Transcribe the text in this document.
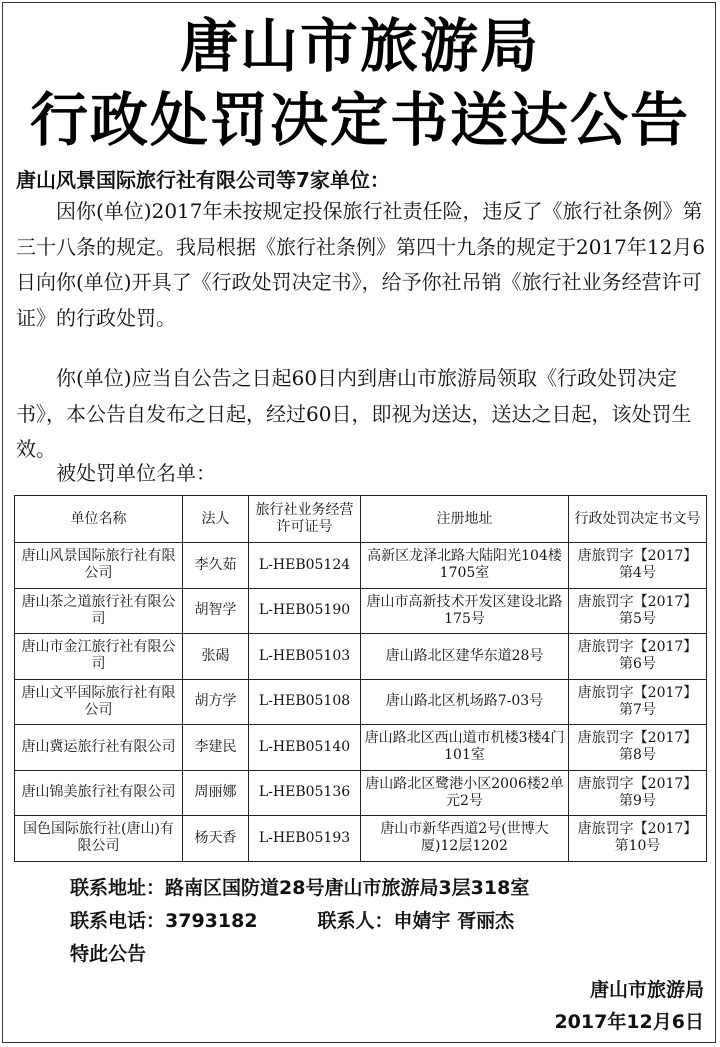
唐山市旅游局
行政处罚决定书送达公告
唐山风景国际旅行社有限公司等7家单位：

因你(单位)2017年未按规定投保旅行社责任险，违反了《旅行社条例》第三十八条的规定。我局根据《旅行社条例》第四十九条的规定于2017年12月6日向你(单位)开具了《行政处罚决定书》，给予你社吊销《旅行社业务经营许可证》的行政处罚。

你(单位)应当自公告之日起60日内到唐山市旅游局领取《行政处罚决定书》，本公告自发布之日起，经过60日，即视为送达，送达之日起，该处罚生效。

被处罚单位名单：
单位名称	法人	旅行社业务经营许可证号	注册地址	行政处罚决定书文号
唐山风景国际旅行社有限公司	李久茹	L-HEB05124	高新区龙泽北路大陆阳光104楼1705室	唐旅罚字【2017】第4号
唐山茶之道旅行社有限公司	胡智学	L-HEB05190	唐山市高新技术开发区建设北路175号	唐旅罚字【2017】第5号
唐山市金江旅行社有限公司	张碣	L-HEB05103	唐山路北区建华东道28号	唐旅罚字【2017】第6号
唐山文平国际旅行社有限公司	胡方学	L-HEB05108	唐山路北区机场路7-03号	唐旅罚字【2017】第7号
唐山冀运旅行社有限公司	李建民	L-HEB05140	唐山路北区西山道市机楼3楼4门101室	唐旅罚字【2017】第8号
唐山锦美旅行社有限公司	周丽娜	L-HEB05136	唐山路北区鹭港小区2006楼2单元2号	唐旅罚字【2017】第9号
国色国际旅行社(唐山)有限公司	杨天香	L-HEB05193	唐山市新华西道2号(世博大厦)12层1202	唐旅罚字【2017】第10号
联系地址：路南区国防道28号唐山市旅游局3层318室
联系电话：3793182	联系人：申婧宇 胥丽杰
特此公告
唐山市旅游局
2017年12月6日
